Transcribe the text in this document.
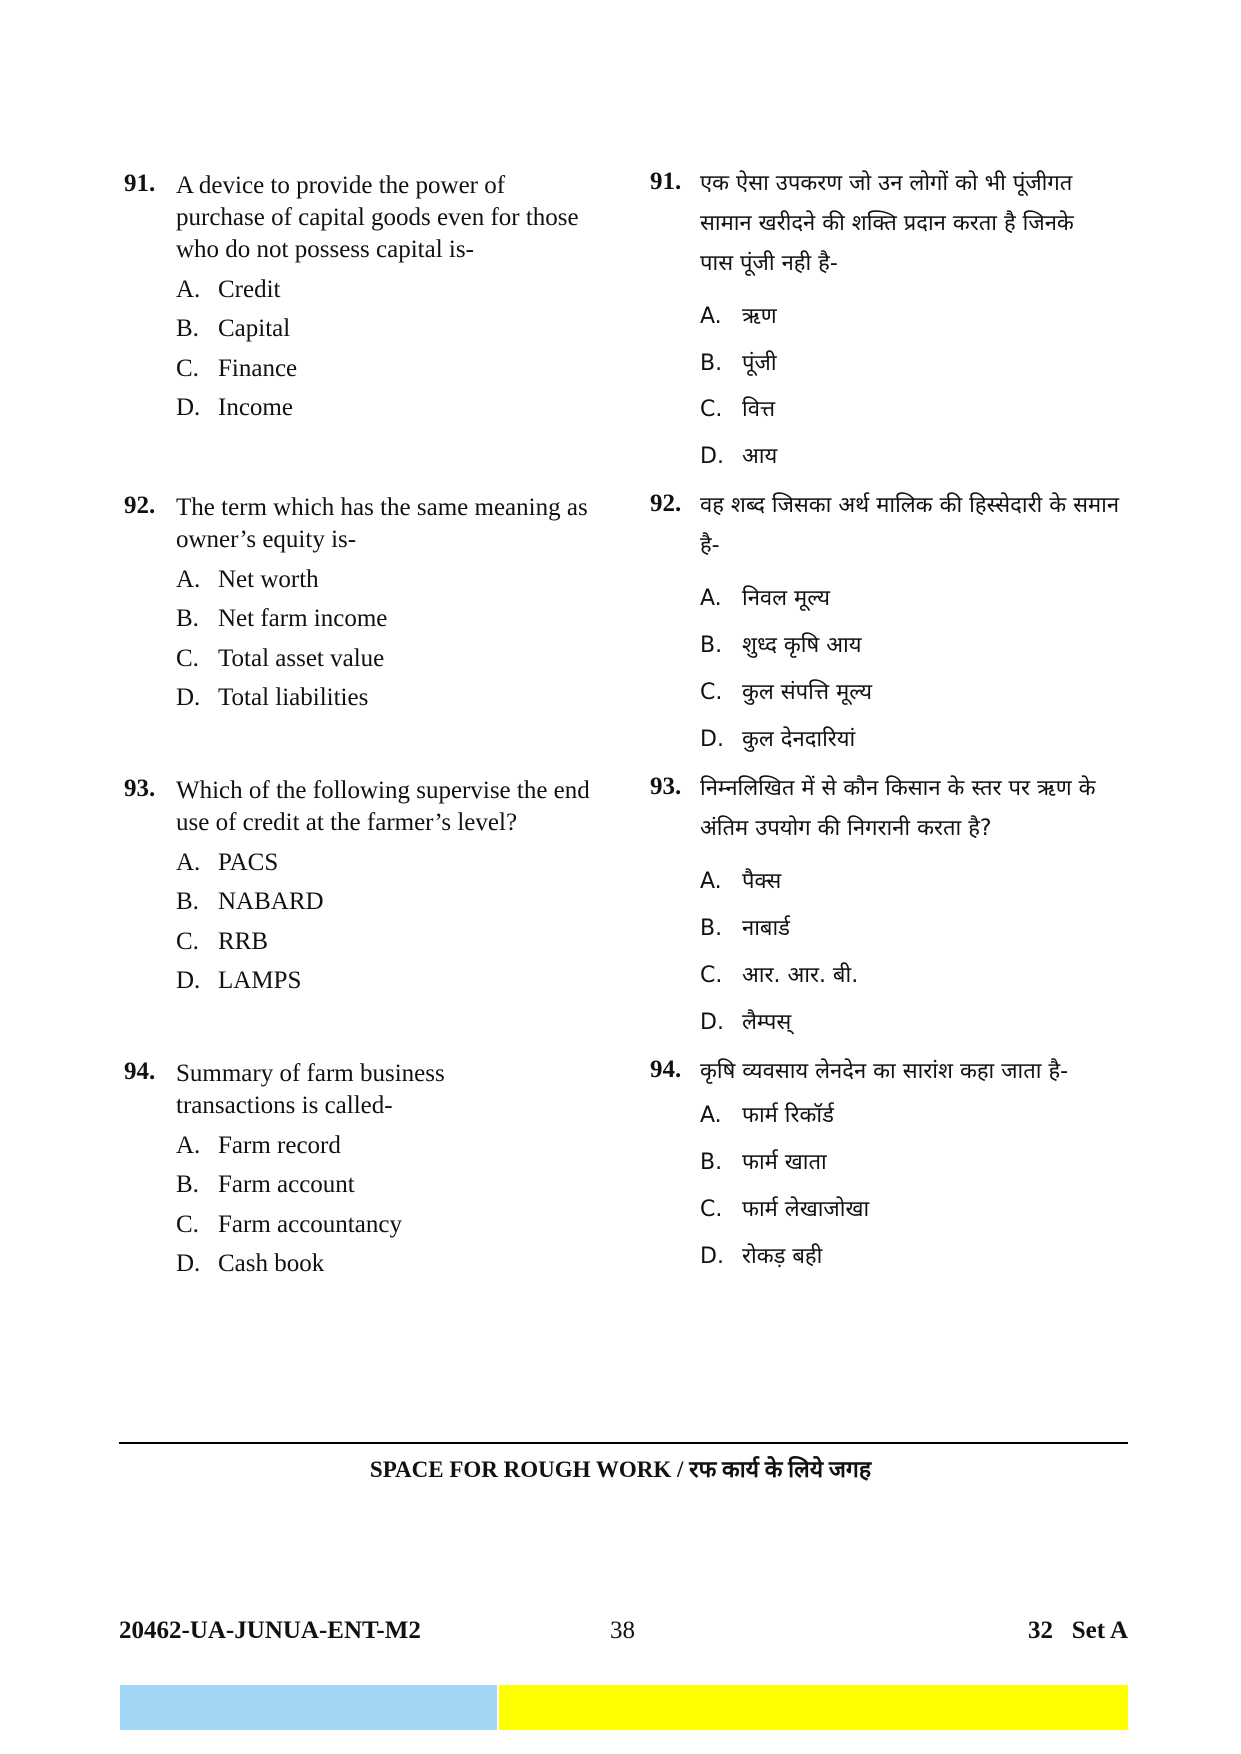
91. A device to provide the power of purchase of capital goods even for those who do not possess capital is-
A. Credit
B. Capital
C. Finance
D. Income
92. The term which has the same meaning as owner’s equity is-
A. Net worth
B. Net farm income
C. Total asset value
D. Total liabilities
93. Which of the following supervise the end use of credit at the farmer’s level?
A. PACS
B. NABARD
C. RRB
D. LAMPS
94. Summary of farm business transactions is called-
A. Farm record
B. Farm account
C. Farm accountancy
D. Cash book
91. एक ऐसा उपकरण जो उन लोगों को भी पूंजीगत सामान खरीदने की शक्ति प्रदान करता है जिनके पास पूंजी नही है-
A. ऋण
B. पूंजी
C. वित्त
D. आय
92. वह शब्द जिसका अर्थ मालिक की हिस्सेदारी के समान है-
A. निवल मूल्य
B. शुध्द कृषि आय
C. कुल संपत्ति मूल्य
D. कुल देनदारियां
93. निम्नलिखित में से कौन किसान के स्तर पर ऋण के अंतिम उपयोग की निगरानी करता है?
A. पैक्स
B. नाबार्ड
C. आर. आर. बी.
D. लैम्पस्
94. कृषि व्यवसाय लेनदेन का सारांश कहा जाता है-
A. फार्म रिकॉर्ड
B. फार्म खाता
C. फार्म लेखाजोखा
D. रोकड़ बही
SPACE FOR ROUGH WORK / रफ कार्य के लिये जगह
20462-UA-JUNUA-ENT-M2	38	32   Set A
